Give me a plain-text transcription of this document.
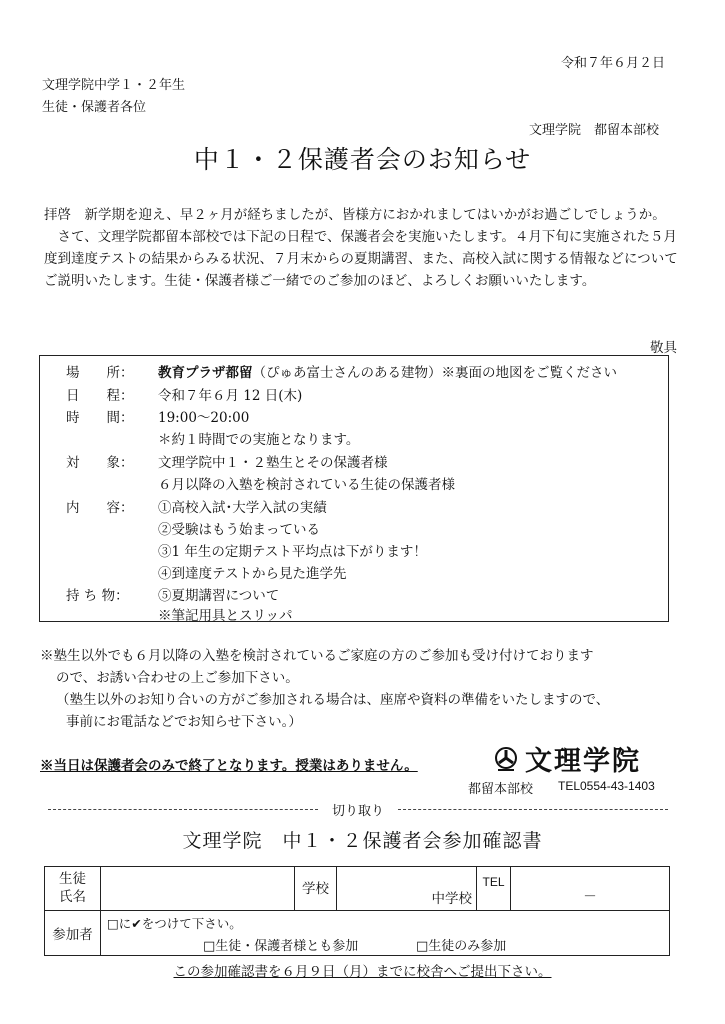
令和７年６月２日
文理学院中学１・２年生
生徒・保護者各位
文理学院　都留本部校
中１・２保護者会のお知らせ
拝啓　新学期を迎え、早２ヶ月が経ちましたが、皆様方におかれましてはいかがお過ごしでしょうか。

さて、文理学院都留本部校では下記の日程で、保護者会を実施いたします。４月下旬に実施された５月度到達度テストの結果からみる状況、７月末からの夏期講習、また、高校入試に関する情報などについてご説明いたします。生徒・保護者様ご一緒でのご参加のほど、よろしくお願いいたします。

敬具
場　　所： 教育プラザ都留（ぴゅあ富士さんのある建物）※裏面の地図をご覧ください
日　　程： 令和７年６月 12 日(木)
時　　間： 19:00～20:00
＊約１時間での実施となります。
対　　象： 文理学院中１・２塾生とその保護者様
６月以降の入塾を検討されている生徒の保護者様
内　　容： ①高校入試･大学入試の実績
②受験はもう始まっている
③1 年生の定期テスト平均点は下がります！
④到達度テストから見た進学先
持 ち 物： ⑤夏期講習について
※筆記用具とスリッパ
※塾生以外でも６月以降の入塾を検討されているご家庭の方のご参加も受け付けております
ので、お誘い合わせの上ご参加下さい。
（塾生以外のお知り合いの方がご参加される場合は、座席や資料の準備をいたしますので、
事前にお電話などでお知らせ下さい。）
※当日は保護者会のみで終了となります。授業はありません。	文理学院
都留本部校 TEL0554-43-1403
切り取り
文理学院　中１・２保護者会参加確認書
生徒
氏名		学校	中学校	TEL	－
参加者	□に✔をつけて下さい。
□生徒・保護者様とも参加 □生徒のみ参加				
この参加確認書を６月９日（月）までに校舎へご提出下さい。
